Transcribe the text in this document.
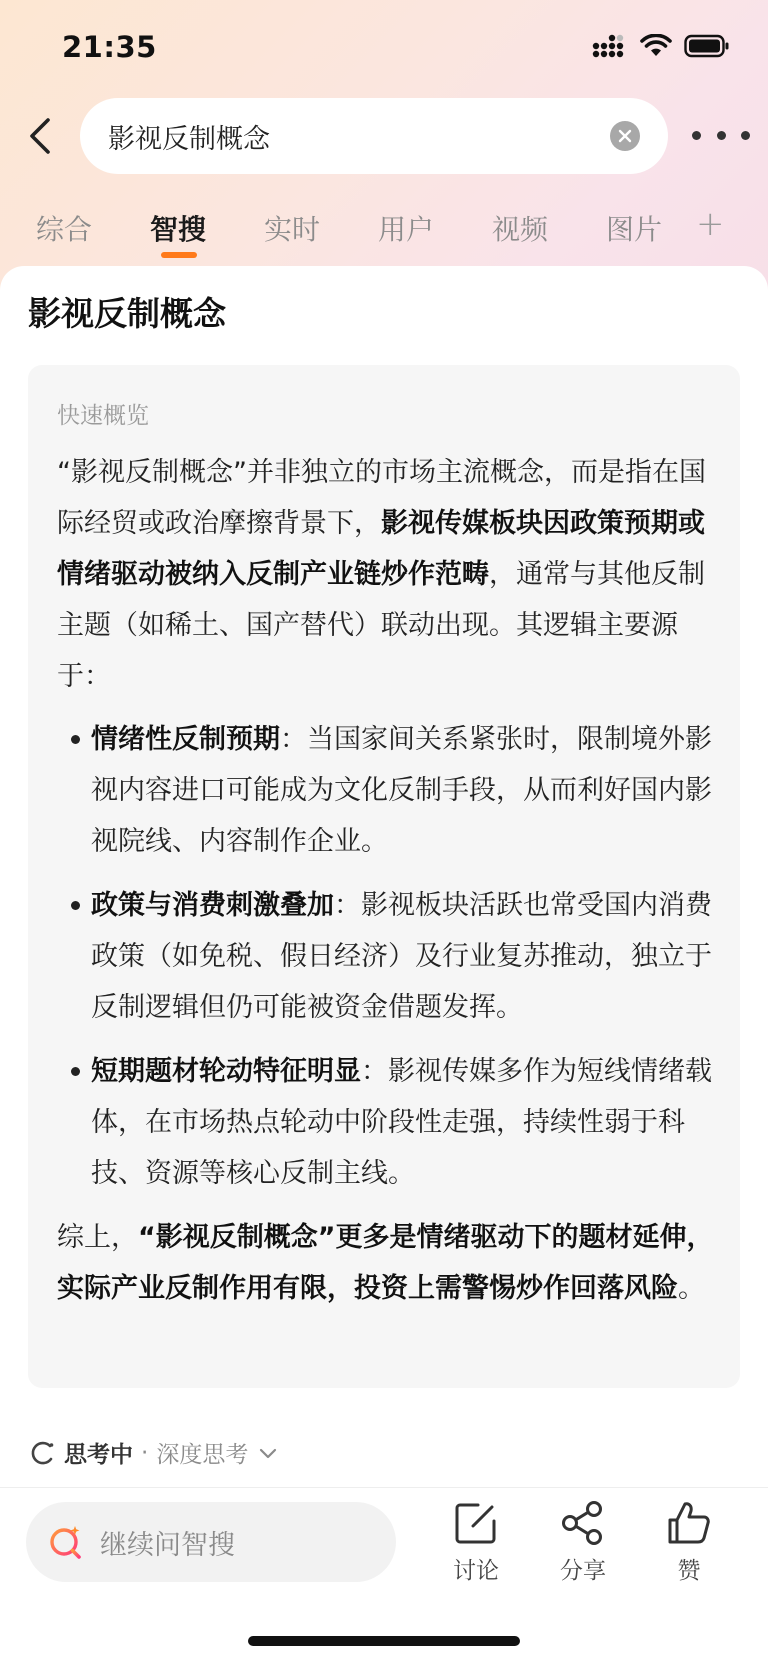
21:35
影视反制概念
综合 智搜 实时 用户 视频 图片 +
影视反制概念
快速概览
“影视反制概念”并非独立的市场主流概念，而是指在国际经贸或政治摩擦背景下，影视传媒板块因政策预期或情绪驱动被纳入反制产业链炒作范畴，通常与其他反制主题（如稀土、国产替代）联动出现。其逻辑主要源于：
情绪性反制预期：当国家间关系紧张时，限制境外影视内容进口可能成为文化反制手段，从而利好国内影视院线、内容制作企业。
政策与消费刺激叠加：影视板块活跃也常受国内消费政策（如免税、假日经济）及行业复苏推动，独立于反制逻辑但仍可能被资金借题发挥。
短期题材轮动特征明显：影视传媒多作为短线情绪载体，在市场热点轮动中阶段性走强，持续性弱于科技、资源等核心反制主线。
综上，“影视反制概念”更多是情绪驱动下的题材延伸，实际产业反制作用有限，投资上需警惕炒作回落风险。
思考中 · 深度思考
继续问智搜
讨论	分享	赞
